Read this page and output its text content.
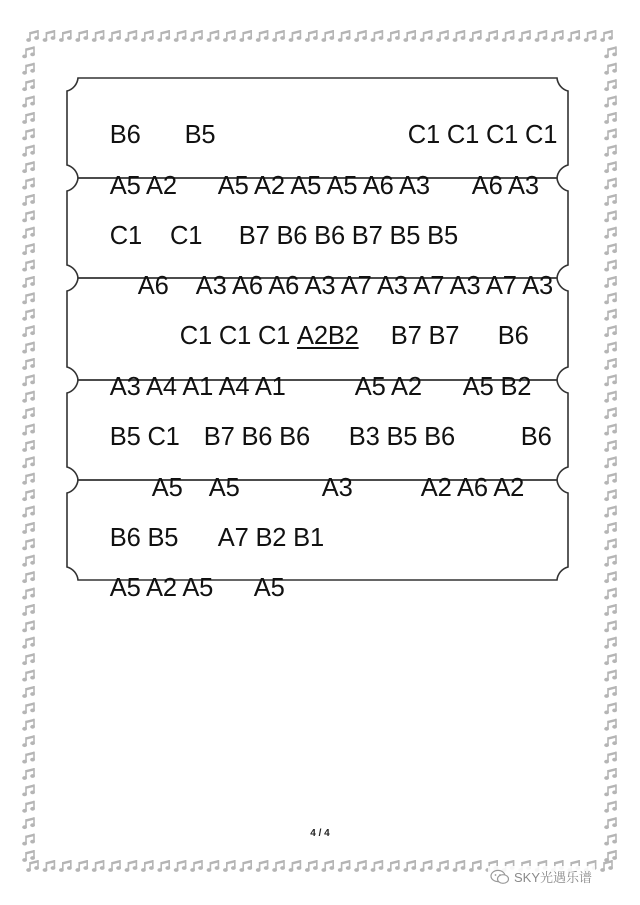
B6 B5	C1 C1 C1 C1

A5 A2	A5 A2 A5 A5 A6 A3	A6 A3

C1 C1	B7 B6 B6 B7 B5 B5

A6	A3 A6 A6 A3 A7 A3 A7 A3 A7 A3

C1 C1 C1 A2B2	B7 B7	B6

A3 A4 A1 A4 A1	A5 A2	A5 B2

B5 C1 B7 B6 B6	B3 B5 B6	B6

A5	A5	A3	A2 A6 A2

B6 B5	A7 B2 B1

A5 A2 A5	A5

4 / 4
SKY光遇乐谱
